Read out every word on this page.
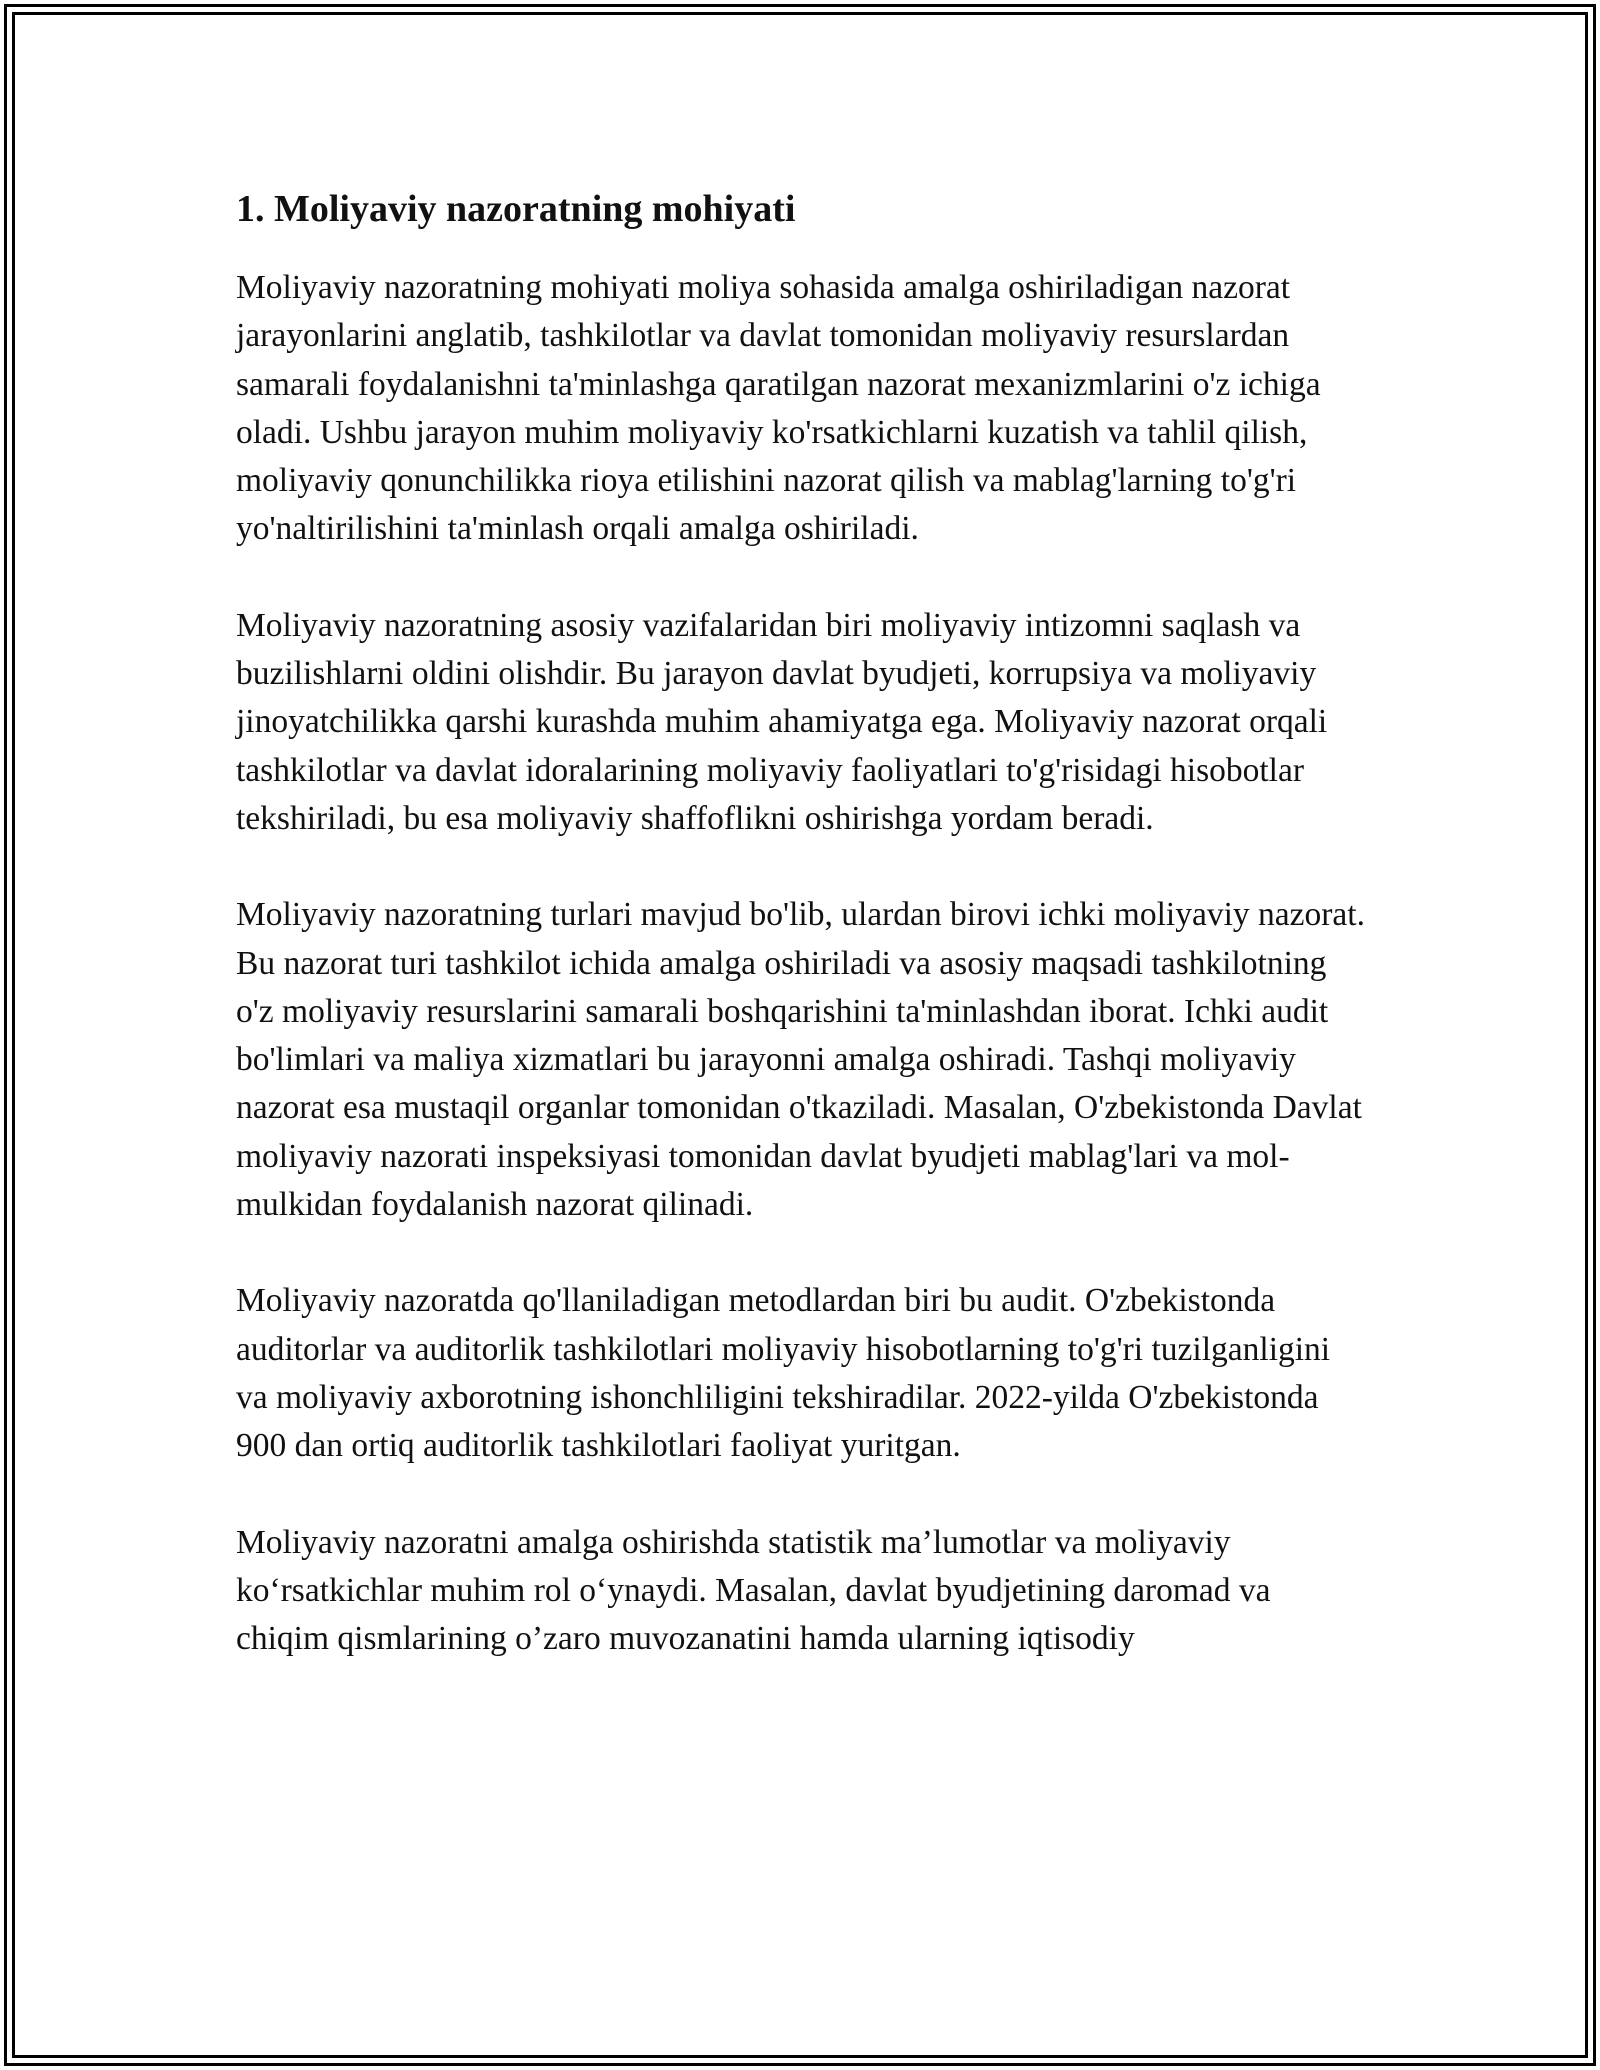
1. Moliyaviy nazoratning mohiyati

Moliyaviy nazoratning mohiyati moliya sohasida amalga oshiriladigan nazorat jarayonlarini anglatib, tashkilotlar va davlat tomonidan moliyaviy resurslardan samarali foydalanishni ta'minlashga qaratilgan nazorat mexanizmlarini o'z ichiga oladi. Ushbu jarayon muhim moliyaviy ko'rsatkichlarni kuzatish va tahlil qilish, moliyaviy qonunchilikka rioya etilishini nazorat qilish va mablag'larning to'g'ri yo'naltirilishini ta'minlash orqali amalga oshiriladi.

Moliyaviy nazoratning asosiy vazifalaridan biri moliyaviy intizomni saqlash va buzilishlarni oldini olishdir. Bu jarayon davlat byudjeti, korrupsiya va moliyaviy jinoyatchilikka qarshi kurashda muhim ahamiyatga ega. Moliyaviy nazorat orqali tashkilotlar va davlat idoralarining moliyaviy faoliyatlari to'g'risidagi hisobotlar tekshiriladi, bu esa moliyaviy shaffoflikni oshirishga yordam beradi.

Moliyaviy nazoratning turlari mavjud bo'lib, ulardan birovi ichki moliyaviy nazorat. Bu nazorat turi tashkilot ichida amalga oshiriladi va asosiy maqsadi tashkilotning o'z moliyaviy resurslarini samarali boshqarishini ta'minlashdan iborat. Ichki audit bo'limlari va maliya xizmatlari bu jarayonni amalga oshiradi. Tashqi moliyaviy nazorat esa mustaqil organlar tomonidan o'tkaziladi. Masalan, O'zbekistonda Davlat moliyaviy nazorati inspeksiyasi tomonidan davlat byudjeti mablag'lari va mol-mulkidan foydalanish nazorat qilinadi.

Moliyaviy nazoratda qo'llaniladigan metodlardan biri bu audit. O'zbekistonda auditorlar va auditorlik tashkilotlari moliyaviy hisobotlarning to'g'ri tuzilganligini va moliyaviy axborotning ishonchliligini tekshiradilar. 2022-yilda O'zbekistonda 900 dan ortiq auditorlik tashkilotlari faoliyat yuritgan.

Moliyaviy nazoratni amalga oshirishda statistik ma’lumotlar va moliyaviy ko‘rsatkichlar muhim rol o‘ynaydi. Masalan, davlat byudjetining daromad va chiqim qismlarining o’zaro muvozanatini hamda ularning iqtisodiy
